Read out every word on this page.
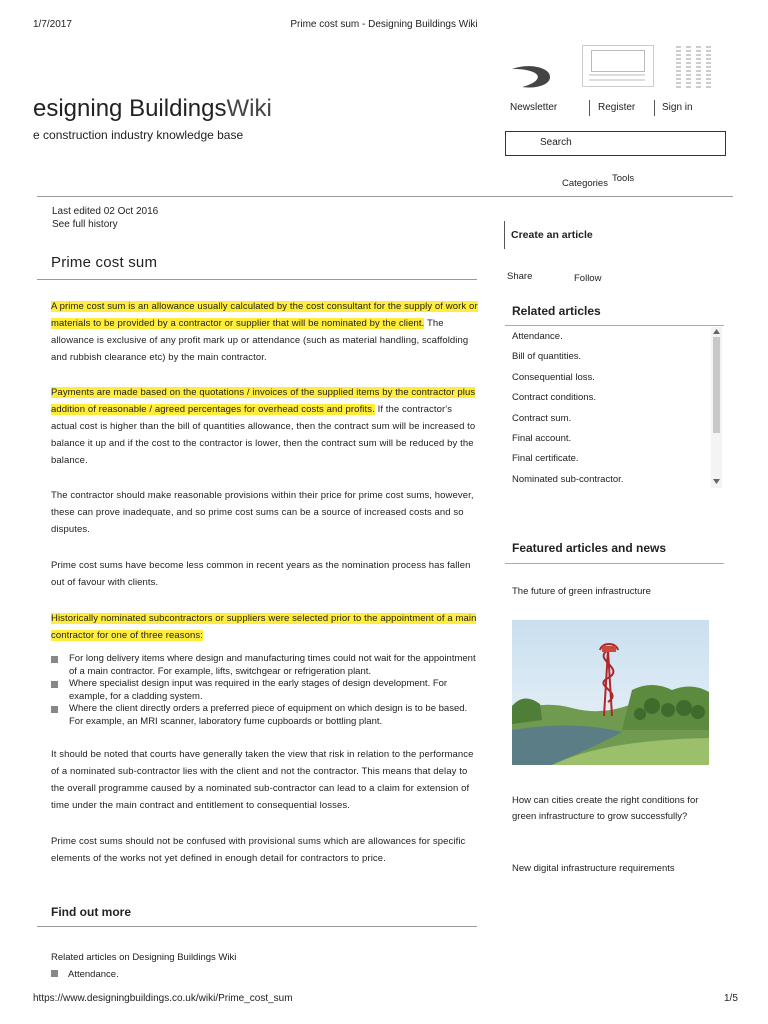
1/7/2017	Prime cost sum - Designing Buildings Wiki
esigning BuildingsWiki
e construction industry knowledge base
Newsletter	Register	Sign in
Search
Categories Tools
Last edited 02 Oct 2016
See full history
Prime cost sum

A prime cost sum is an allowance usually calculated by the cost consultant for the supply of work or materials to be provided by a contractor or supplier that will be nominated by the client. The allowance is exclusive of any profit mark up or attendance (such as material handling, scaffolding and rubbish clearance etc) by the main contractor.

Payments are made based on the quotations / invoices of the supplied items by the contractor plus addition of reasonable / agreed percentages for overhead costs and profits. If the contractor's actual cost is higher than the bill of quantities allowance, then the contract sum will be increased to balance it up and if the cost to the contractor is lower, then the contract sum will be reduced by the balance.

The contractor should make reasonable provisions within their price for prime cost sums, however, these can prove inadequate, and so prime cost sums can be a source of increased costs and so disputes.

Prime cost sums have become less common in recent years as the nomination process has fallen out of favour with clients.

Historically nominated subcontractors or suppliers were selected prior to the appointment of a main contractor for one of three reasons:

For long delivery items where design and manufacturing times could not wait for the appointment of a main contractor. For example, lifts, switchgear or refrigeration plant.
Where specialist design input was required in the early stages of design development. For example, for a cladding system.
Where the client directly orders a preferred piece of equipment on which design is to be based. For example, an MRI scanner, laboratory fume cupboards or bottling plant.

It should be noted that courts have generally taken the view that risk in relation to the performance of a nominated sub-contractor lies with the client and not the contractor. This means that delay to the overall programme caused by a nominated sub-contractor can lead to a claim for extension of time under the main contract and entitlement to consequential losses.

Prime cost sums should not be confused with provisional sums which are allowances for specific elements of the works not yet defined in enough detail for contractors to price.

Find out more
Related articles on Designing Buildings Wiki
Attendance.
Create an article
Share	Follow
Related articles
Attendance.
Bill of quantities.
Consequential loss.
Contract conditions.
Contract sum.
Final account.
Final certificate.
Nominated sub-contractor.
Featured articles and news
The future of green infrastructure
How can cities create the right conditions for green infrastructure to grow successfully?
New digital infrastructure requirements
https://www.designingbuildings.co.uk/wiki/Prime_cost_sum	1/5
